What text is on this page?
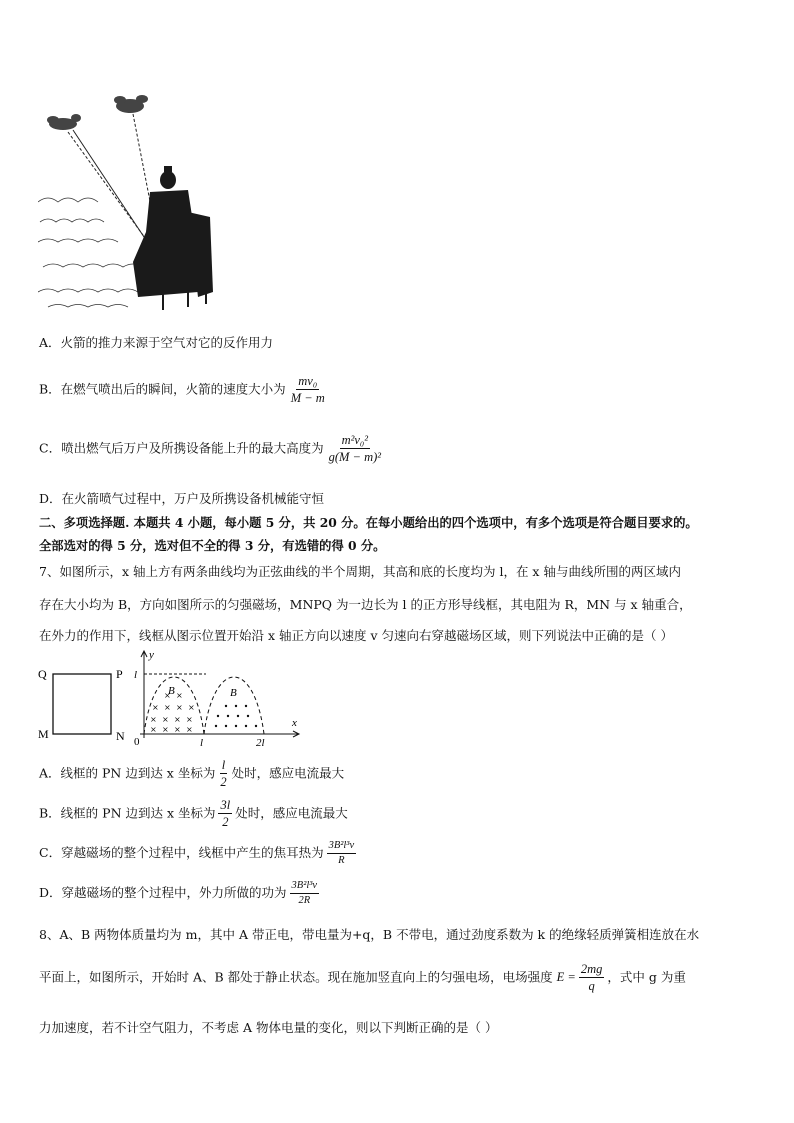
A．火箭的推力来源于空气对它的反作用力
B．在燃气喷出后的瞬间，火箭的速度大小为 $\frac{\text{mv₀}}{M - m}$
C．喷出燃气后万户及所携设备能上升的最大高度为 $\frac{\text{m²v₀²}}{\text{g(M − m)²}}$
D．在火箭喷气过程中，万户及所携设备机械能守恒
二、多项选择题. 本题共 4 小题，每小题 5 分，共 20 分。在每小题给出的四个选项中，有多个选项是符合题目要求的。
全部选对的得 5 分，选对但不全的得 3 分，有选错的得 0 分。
7、如图所示，x 轴上方有两条曲线均为正弦曲线的半个周期，其高和底的长度均为 l，在 x 轴与曲线所围的两区域内
存在大小均为 B，方向如图所示的匀强磁场，MNPQ 为一边长为 l 的正方形导线框，其电阻为 R，MN 与 x 轴重合，
在外力的作用下，线框从图示位置开始沿 x 轴正方向以速度 v 匀速向右穿越磁场区域，则下列说法中正确的是（ ）
Q	P
M	N
y
x
l
0	l	2l
× ×
× × × ×
× × × ×
× × × ×
B	B
A．线框的 PN 边到达 x 坐标为 $\frac{l}{2}$ 处时，感应电流最大
B．线框的 PN 边到达 x 坐标为 $\frac{3l}{2}$ 处时，感应电流最大
C．穿越磁场的整个过程中，线框中产生的焦耳热为 $\frac{\text{3B²l³v}}{R}$
D．穿越磁场的整个过程中，外力所做的功为 $\frac{\text{3B²l³v}}{2R}$
8、A、B 两物体质量均为 m，其中 A 带正电，带电量为+q，B 不带电，通过劲度系数为 k 的绝缘轻质弹簧相连放在水
平面上，如图所示，开始时 A、B 都处于静止状态。现在施加竖直向上的匀强电场，电场强度 $E = \frac{2mg}{q}$ ，式中 g 为重
力加速度，若不计空气阻力，不考虑 A 物体电量的变化，则以下判断正确的是（ ）
